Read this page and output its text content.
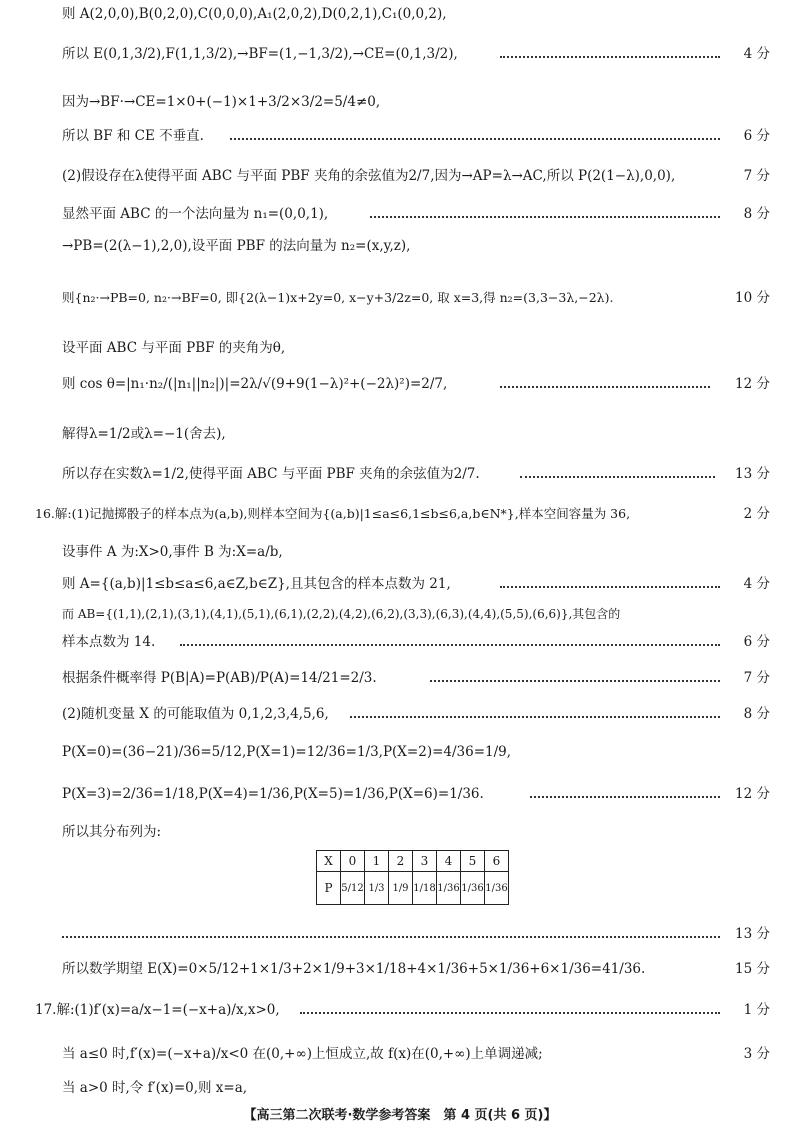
则 A(2,0,0),B(0,2,0),C(0,0,0),A₁(2,0,2),D(0,2,1),C₁(0,0,2),
所以 E(0,1,3/2),F(1,1,3/2),→BF=(1,−1,3/2),→CE=(0,1,3/2),	4 分
因为→BF·→CE=1×0+(−1)×1+3/2×3/2=5/4≠0,
所以 BF 和 CE 不垂直.	6 分
(2)假设存在λ使得平面 ABC 与平面 PBF 夹角的余弦值为2/7,因为→AP=λ→AC,所以 P(2(1−λ),0,0),	7 分
显然平面 ABC 的一个法向量为 n₁=(0,0,1),	8 分
→PB=(2(λ−1),2,0),设平面 PBF 的法向量为 n₂=(x,y,z),
则{n₂·→PB=0, n₂·→BF=0, 即{2(λ−1)x+2y=0, x−y+3/2z=0, 取 x=3,得 n₂=(3,3−3λ,−2λ).	10 分
设平面 ABC 与平面 PBF 的夹角为θ,
则 cos θ=|n₁·n₂/(|n₁||n₂|)|=2λ/√(9+9(1−λ)²+(−2λ)²)=2/7,	12 分
解得λ=1/2或λ=−1(舍去),
所以存在实数λ=1/2,使得平面 ABC 与平面 PBF 夹角的余弦值为2/7.	13 分
16.解:(1)记抛掷骰子的样本点为(a,b),则样本空间为{(a,b)|1≤a≤6,1≤b≤6,a,b∈N*},样本空间容量为 36,	2 分
设事件 A 为:X>0,事件 B 为:X=a/b,
则 A={(a,b)|1≤b≤a≤6,a∈Z,b∈Z},且其包含的样本点数为 21,	4 分
而 AB={(1,1),(2,1),(3,1),(4,1),(5,1),(6,1),(2,2),(4,2),(6,2),(3,3),(6,3),(4,4),(5,5),(6,6)},其包含的
样本点数为 14.	6 分
根据条件概率得 P(B|A)=P(AB)/P(A)=14/21=2/3.	7 分
(2)随机变量 X 的可能取值为 0,1,2,3,4,5,6,	8 分
P(X=0)=(36−21)/36=5/12,P(X=1)=12/36=1/3,P(X=2)=4/36=1/9,
P(X=3)=2/36=1/18,P(X=4)=1/36,P(X=5)=1/36,P(X=6)=1/36.	12 分
所以其分布列为:
X	0	1	2	3	4	5	6
P	5/12	1/3	1/9	1/18	1/36	1/36	1/36
13 分
所以数学期望 E(X)=0×5/12+1×1/3+2×1/9+3×1/18+4×1/36+5×1/36+6×1/36=41/36.	15 分
17.解:(1)f′(x)=a/x−1=(−x+a)/x,x>0,	1 分
当 a≤0 时,f′(x)=(−x+a)/x<0 在(0,+∞)上恒成立,故 f(x)在(0,+∞)上单调递减;	3 分
当 a>0 时,令 f′(x)=0,则 x=a,
【高三第二次联考·数学参考答案　第 4 页(共 6 页)】
